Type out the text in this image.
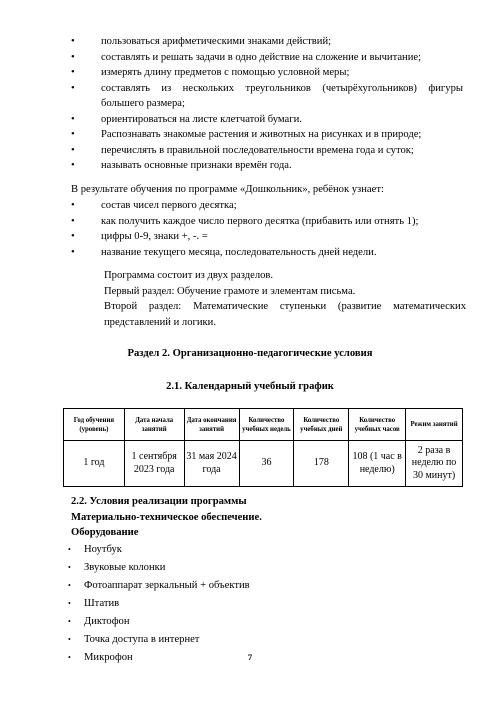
• пользоваться арифметическими знаками действий;
• составлять и решать задачи в одно действие на сложение и вычитание;
• измерять длину предметов с помощью условной меры;
• составлять из нескольких треугольников (четырёхугольников) фигуры большего размера;
• ориентироваться на листе клетчатой бумаги.
• Распознавать знакомые растения и животных на рисунках и в природе;
• перечислять в правильной последовательности времена года и суток;
• называть основные признаки времён года.
В результате обучения по программе «Дошкольник», ребёнок узнает:
• состав чисел первого десятка;
• как получить каждое число первого десятка (прибавить или отнять 1);
• цифры 0-9, знаки +, -. =
• название текущего месяца, последовательность дней недели.

Программа состоит из двух разделов.

Первый раздел: Обучение грамоте и элементам письма.

Второй раздел: Математические ступеньки (развитие математических представлений и логики.

Раздел 2. Организационно-педагогические условия
2.1. Календарный учебный график
Год обучения (уровень)	Дата начала занятий	Дата окончания занятий	Количество учебных недель	Количество учебных дней	Количество учебных часов	Режим занятий
1 год	1 сентября 2023 года	31 мая 2024 года	36	178	108 (1 час в неделю)	2 раза в неделю по 30 минут)
2.2. Условия реализации программы
Материально-техническое обеспечение.
Оборудование
• Ноутбук
• Звуковые колонки
• Фотоаппарат зеркальный + объектив
• Штатив
• Диктофон
• Точка доступа в интернет
• Микрофон	7
